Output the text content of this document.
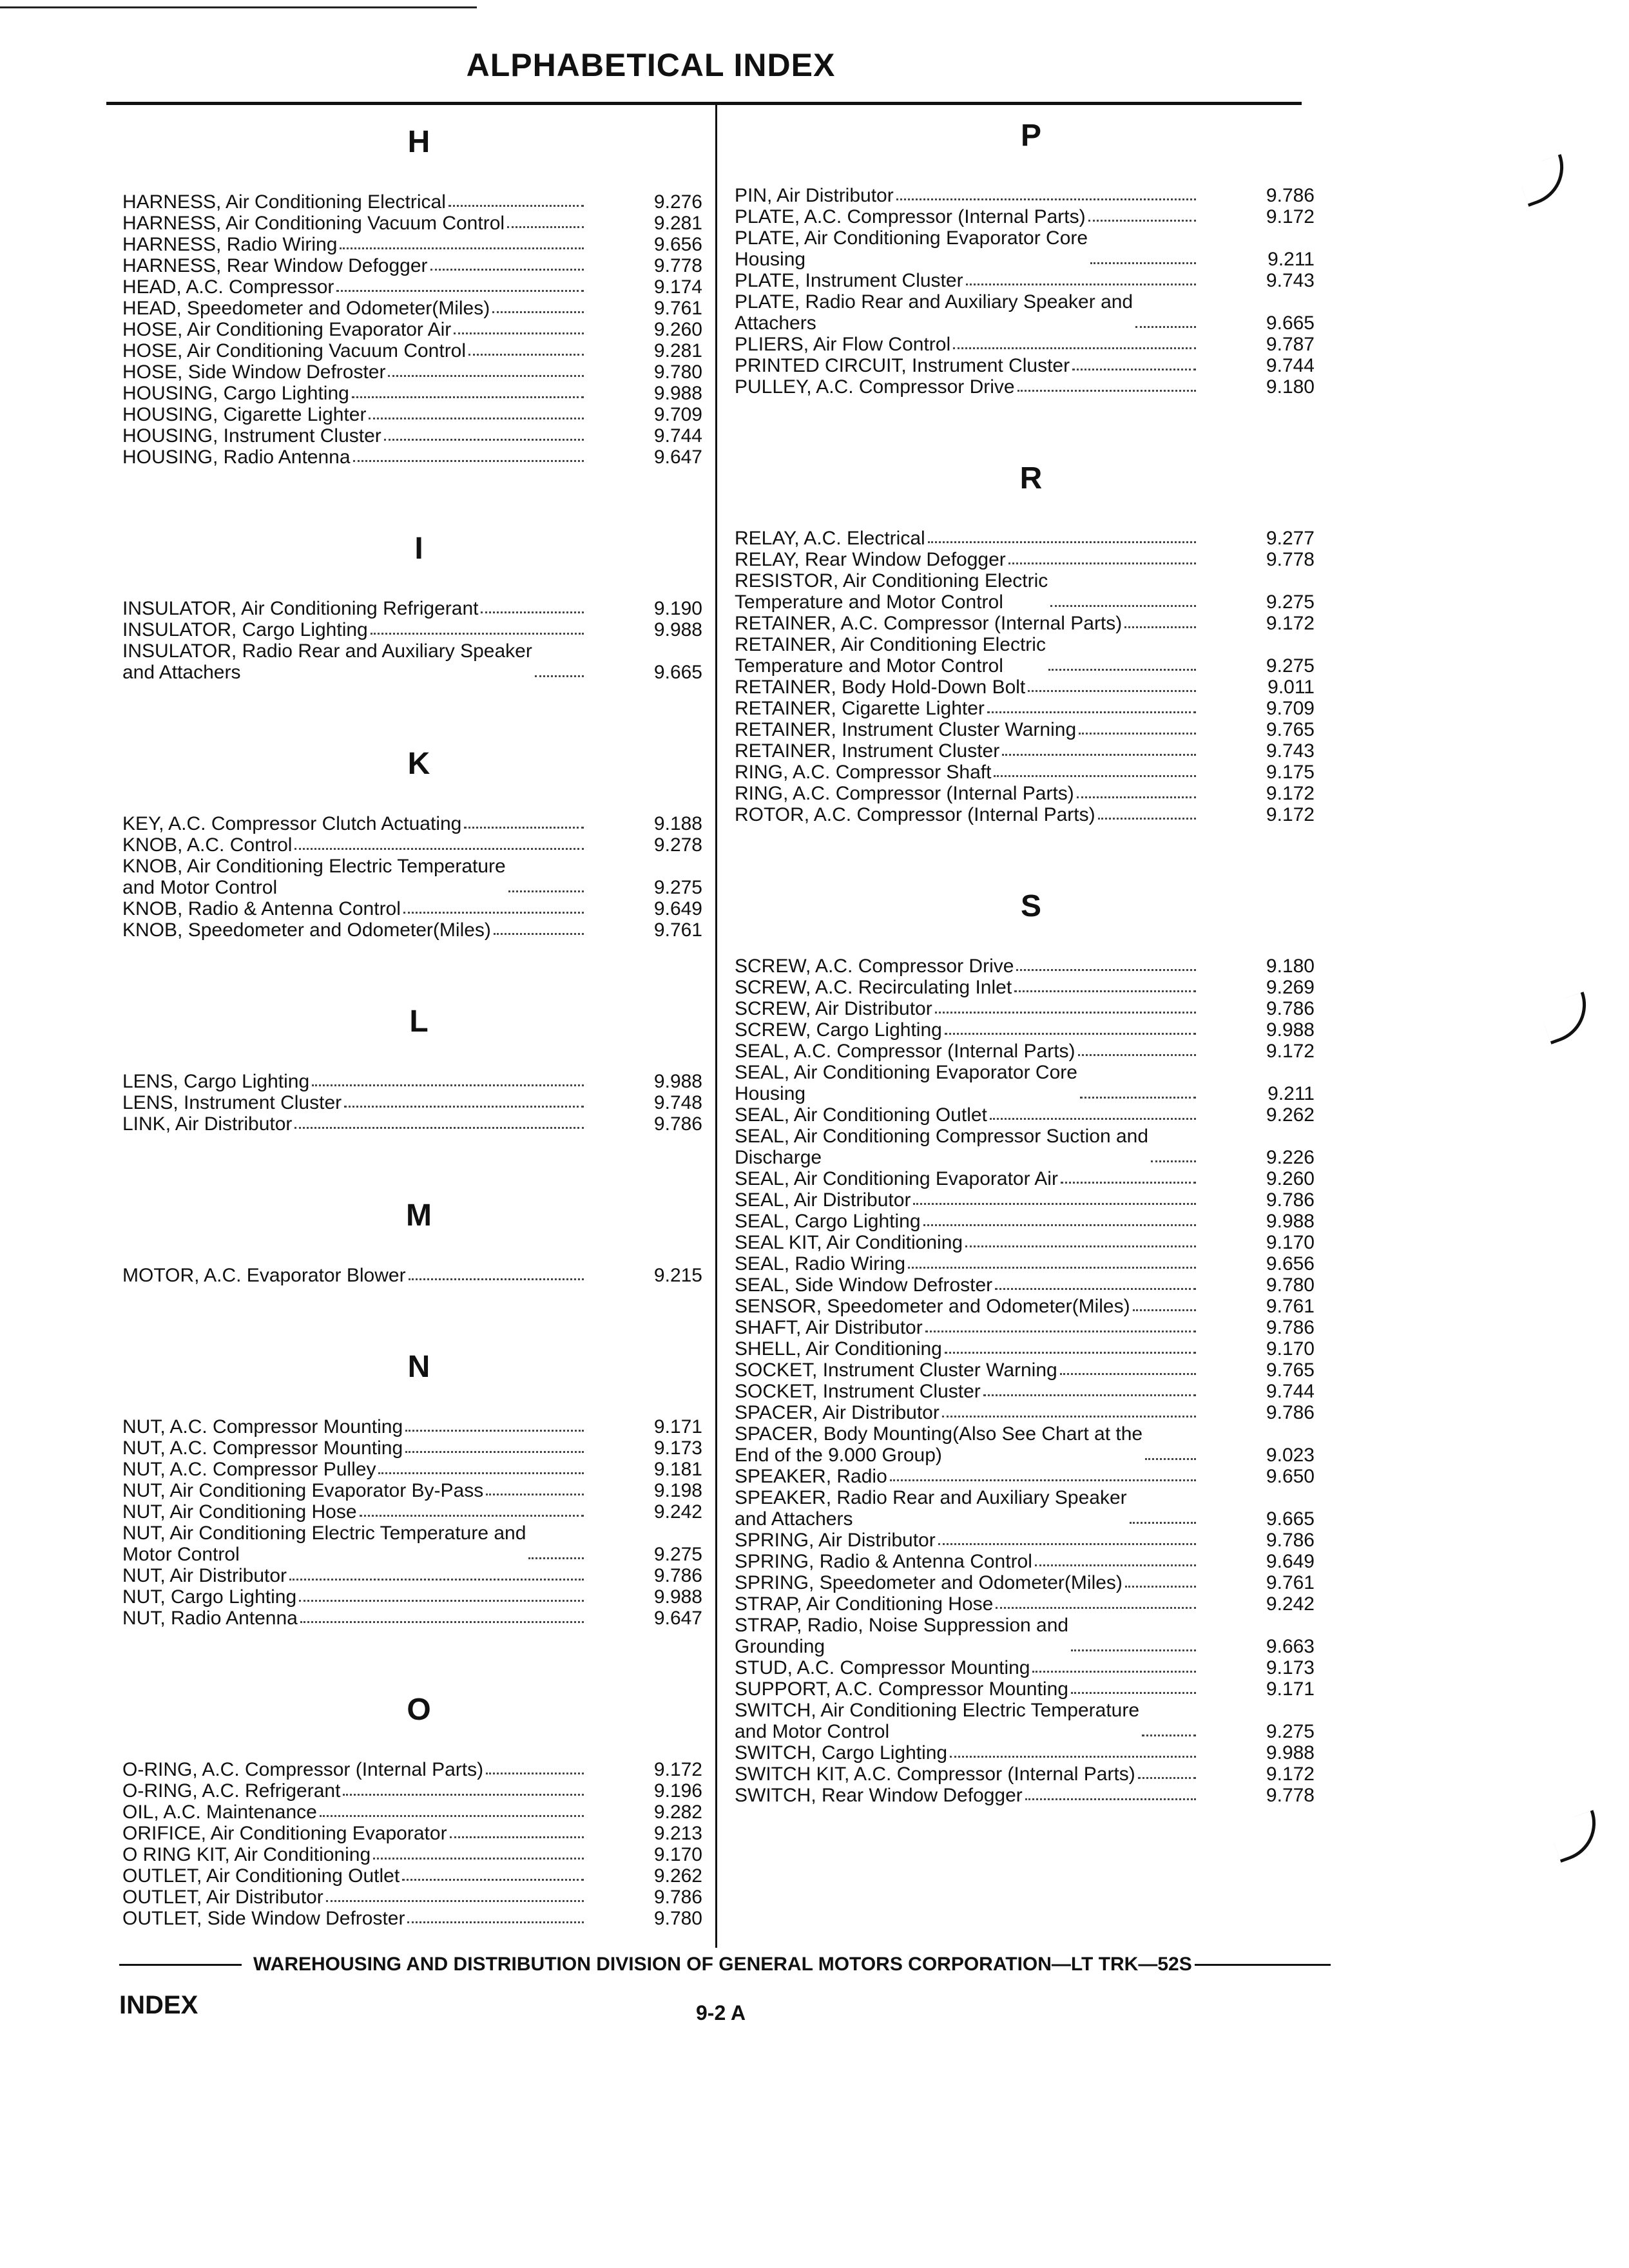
ALPHABETICAL INDEX
H
HARNESS, Air Conditioning Electrical	9.276
HARNESS, Air Conditioning Vacuum Control	9.281
HARNESS, Radio Wiring	9.656
HARNESS, Rear Window Defogger	9.778
HEAD, A.C. Compressor	9.174
HEAD, Speedometer and Odometer(Miles)	9.761
HOSE, Air Conditioning Evaporator Air	9.260
HOSE, Air Conditioning Vacuum Control	9.281
HOSE, Side Window Defroster	9.780
HOUSING, Cargo Lighting	9.988
HOUSING, Cigarette Lighter	9.709
HOUSING, Instrument Cluster	9.744
HOUSING, Radio Antenna	9.647
I
INSULATOR, Air Conditioning Refrigerant	9.190
INSULATOR, Cargo Lighting	9.988
INSULATOR, Radio Rear and Auxiliary Speaker
and Attachers	9.665
K
KEY, A.C. Compressor Clutch Actuating	9.188
KNOB, A.C. Control	9.278
KNOB, Air Conditioning Electric Temperature
and Motor Control	9.275
KNOB, Radio & Antenna Control	9.649
KNOB, Speedometer and Odometer(Miles)	9.761
L
LENS, Cargo Lighting	9.988
LENS, Instrument Cluster	9.748
LINK, Air Distributor	9.786
M
MOTOR, A.C. Evaporator Blower	9.215
N
NUT, A.C. Compressor Mounting	9.171
NUT, A.C. Compressor Mounting	9.173
NUT, A.C. Compressor Pulley	9.181
NUT, Air Conditioning Evaporator By-Pass	9.198
NUT, Air Conditioning Hose	9.242
NUT, Air Conditioning Electric Temperature and
Motor Control	9.275
NUT, Air Distributor	9.786
NUT, Cargo Lighting	9.988
NUT, Radio Antenna	9.647
O
O-RING, A.C. Compressor (Internal Parts)	9.172
O-RING, A.C. Refrigerant	9.196
OIL, A.C. Maintenance	9.282
ORIFICE, Air Conditioning Evaporator	9.213
O RING KIT, Air Conditioning	9.170
OUTLET, Air Conditioning Outlet	9.262
OUTLET, Air Distributor	9.786
OUTLET, Side Window Defroster	9.780
P
PIN, Air Distributor	9.786
PLATE, A.C. Compressor (Internal Parts)	9.172
PLATE, Air Conditioning Evaporator Core
Housing	9.211
PLATE, Instrument Cluster	9.743
PLATE, Radio Rear and Auxiliary Speaker and
Attachers	9.665
PLIERS, Air Flow Control	9.787
PRINTED CIRCUIT, Instrument Cluster	9.744
PULLEY, A.C. Compressor Drive	9.180
R
RELAY, A.C. Electrical	9.277
RELAY, Rear Window Defogger	9.778
RESISTOR, Air Conditioning Electric
Temperature and Motor Control	9.275
RETAINER, A.C. Compressor (Internal Parts)	9.172
RETAINER, Air Conditioning Electric
Temperature and Motor Control	9.275
RETAINER, Body Hold-Down Bolt	9.011
RETAINER, Cigarette Lighter	9.709
RETAINER, Instrument Cluster Warning	9.765
RETAINER, Instrument Cluster	9.743
RING, A.C. Compressor Shaft	9.175
RING, A.C. Compressor (Internal Parts)	9.172
ROTOR, A.C. Compressor (Internal Parts)	9.172
S
SCREW, A.C. Compressor Drive	9.180
SCREW, A.C. Recirculating Inlet	9.269
SCREW, Air Distributor	9.786
SCREW, Cargo Lighting	9.988
SEAL, A.C. Compressor (Internal Parts)	9.172
SEAL, Air Conditioning Evaporator Core
Housing	9.211
SEAL, Air Conditioning Outlet	9.262
SEAL, Air Conditioning Compressor Suction and
Discharge	9.226
SEAL, Air Conditioning Evaporator Air	9.260
SEAL, Air Distributor	9.786
SEAL, Cargo Lighting	9.988
SEAL KIT, Air Conditioning	9.170
SEAL, Radio Wiring	9.656
SEAL, Side Window Defroster	9.780
SENSOR, Speedometer and Odometer(Miles)	9.761
SHAFT, Air Distributor	9.786
SHELL, Air Conditioning	9.170
SOCKET, Instrument Cluster Warning	9.765
SOCKET, Instrument Cluster	9.744
SPACER, Air Distributor	9.786
SPACER, Body Mounting(Also See Chart at the
End of the 9.000 Group)	9.023
SPEAKER, Radio	9.650
SPEAKER, Radio Rear and Auxiliary Speaker
and Attachers	9.665
SPRING, Air Distributor	9.786
SPRING, Radio & Antenna Control	9.649
SPRING, Speedometer and Odometer(Miles)	9.761
STRAP, Air Conditioning Hose	9.242
STRAP, Radio, Noise Suppression and
Grounding	9.663
STUD, A.C. Compressor Mounting	9.173
SUPPORT, A.C. Compressor Mounting	9.171
SWITCH, Air Conditioning Electric Temperature
and Motor Control	9.275
SWITCH, Cargo Lighting	9.988
SWITCH KIT, A.C. Compressor (Internal Parts)	9.172
SWITCH, Rear Window Defogger	9.778
WAREHOUSING AND DISTRIBUTION DIVISION OF GENERAL MOTORS CORPORATION—LT TRK—52S
INDEX	9-2 A
